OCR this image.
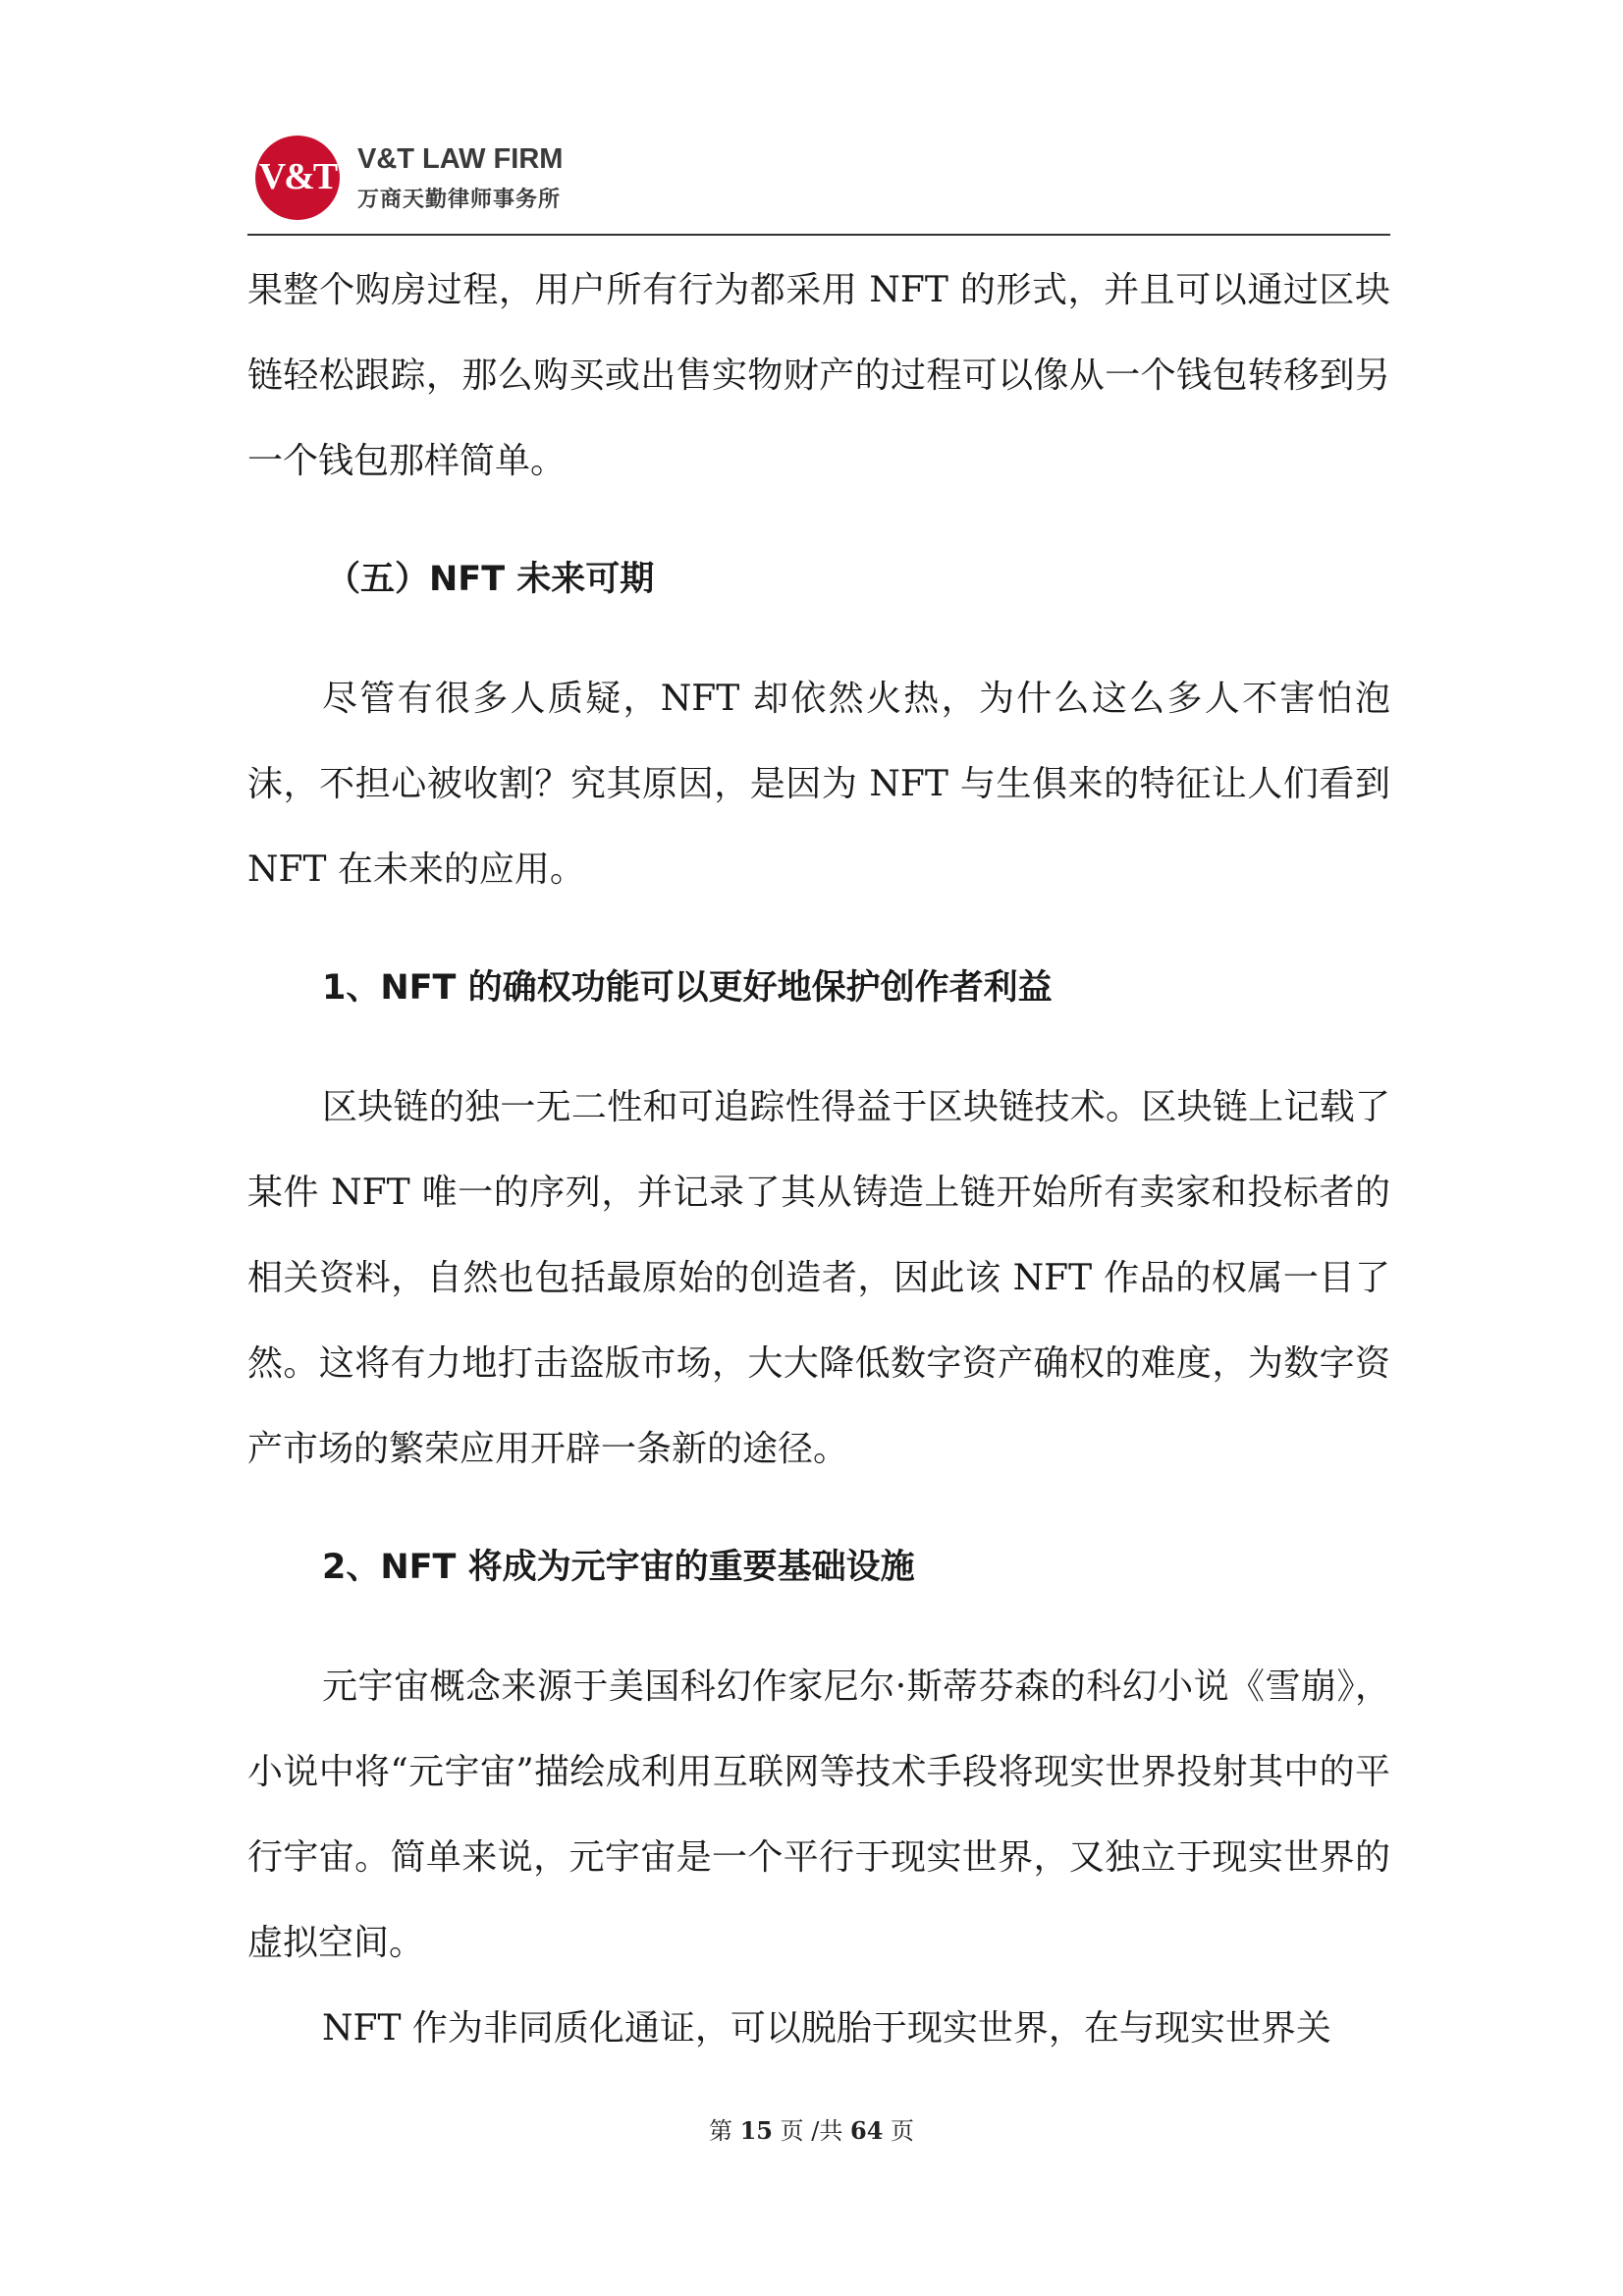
V&T V&T LAW FIRM
万商天勤律师事务所

果整个购房过程，用户所有行为都采用 NFT 的形式，并且可以通过区块链轻松跟踪，那么购买或出售实物财产的过程可以像从一个钱包转移到另一个钱包那样简单。

（五）NFT 未来可期

尽管有很多人质疑，NFT 却依然火热，为什么这么多人不害怕泡沫，不担心被收割？究其原因，是因为 NFT 与生俱来的特征让人们看到 NFT 在未来的应用。

1、NFT 的确权功能可以更好地保护创作者利益

区块链的独一无二性和可追踪性得益于区块链技术。区块链上记载了某件 NFT 唯一的序列，并记录了其从铸造上链开始所有卖家和投标者的相关资料，自然也包括最原始的创造者，因此该 NFT 作品的权属一目了然。这将有力地打击盗版市场，大大降低数字资产确权的难度，为数字资产市场的繁荣应用开辟一条新的途径。

2、NFT 将成为元宇宙的重要基础设施

元宇宙概念来源于美国科幻作家尼尔·斯蒂芬森的科幻小说《雪崩》，小说中将“元宇宙”描绘成利用互联网等技术手段将现实世界投射其中的平行宇宙。简单来说，元宇宙是一个平行于现实世界，又独立于现实世界的虚拟空间。

NFT 作为非同质化通证，可以脱胎于现实世界，在与现实世界关

第 15 页 /共 64 页
